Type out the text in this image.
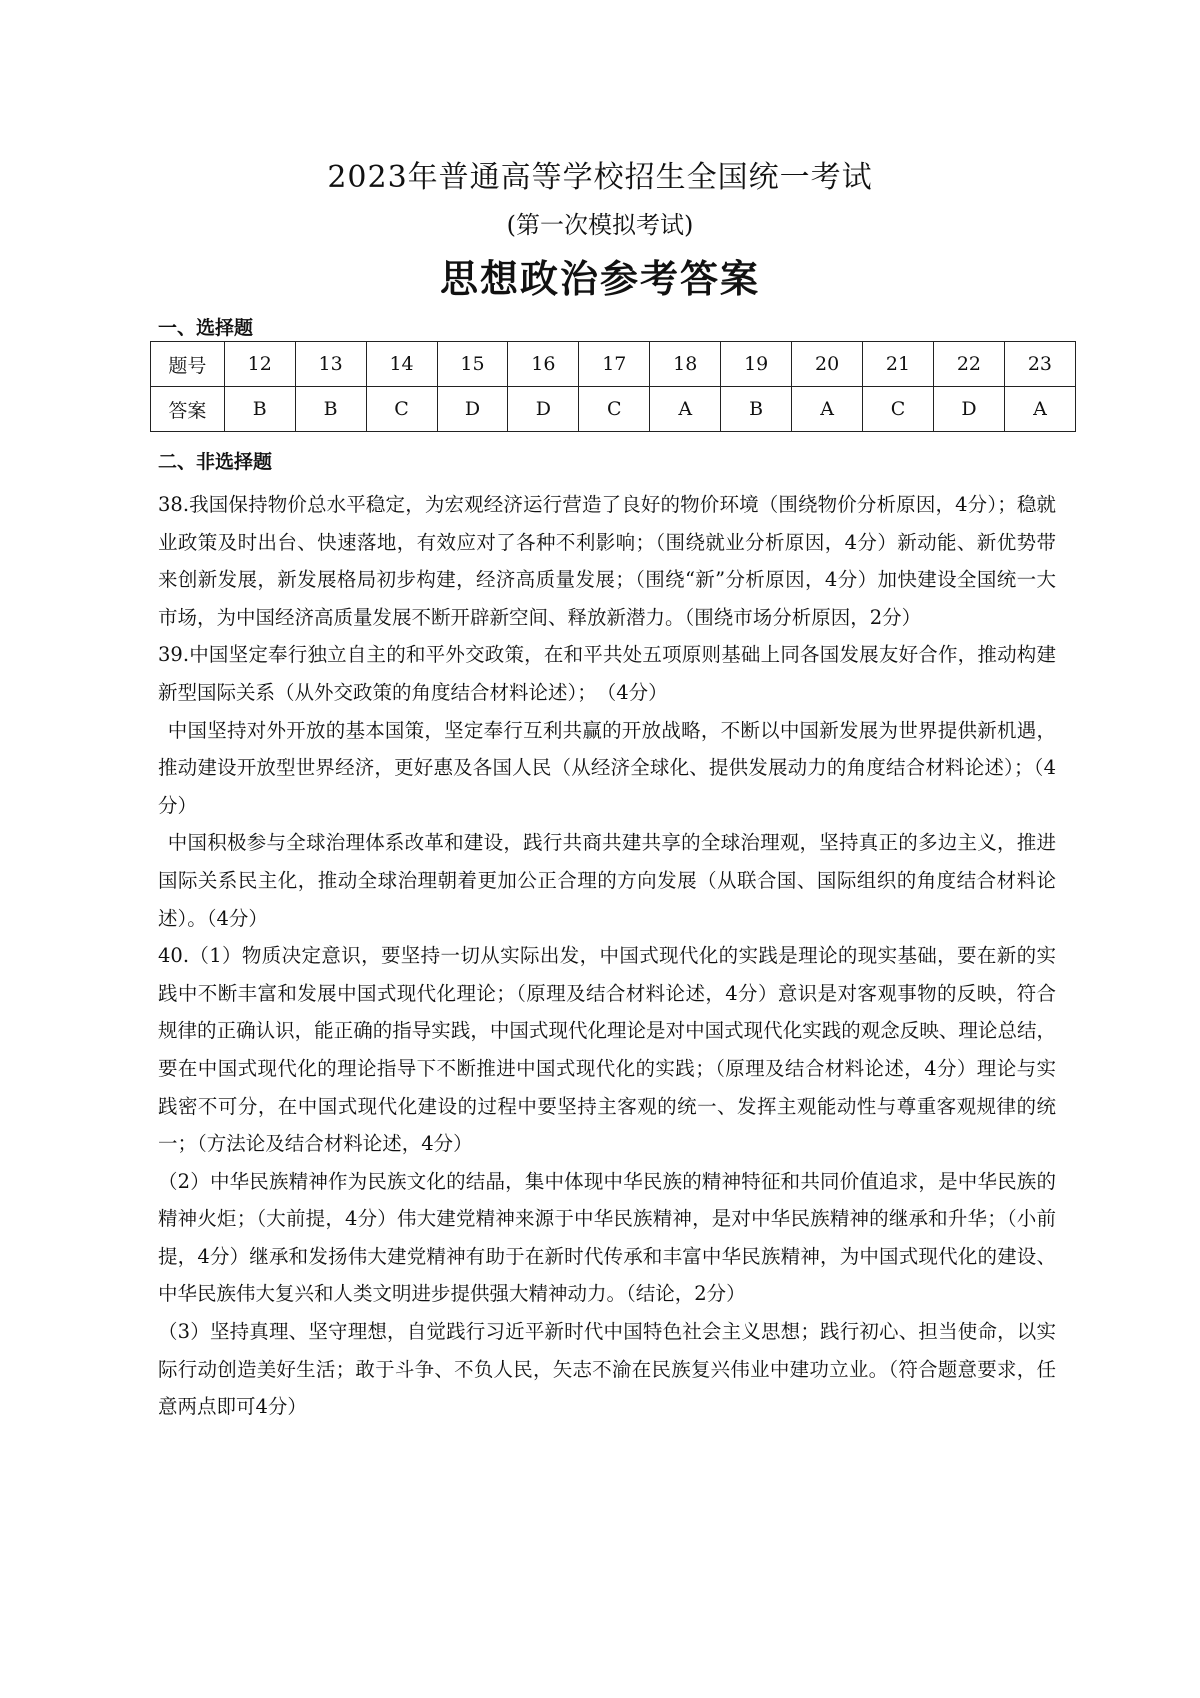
2023年普通高等学校招生全国统一考试
(第一次模拟考试)
思想政治参考答案
一、选择题
题号	12	13	14	15	16	17	18	19	20	21	22	23
答案	B	B	C	D	D	C	A	B	A	C	D	A
二、非选择题

38.我国保持物价总水平稳定，为宏观经济运行营造了良好的物价环境（围绕物价分析原因，4分）；稳就业政策及时出台、快速落地，有效应对了各种不利影响；（围绕就业分析原因，4分）新动能、新优势带来创新发展，新发展格局初步构建，经济高质量发展；（围绕“新”分析原因，4分）加快建设全国统一大市场，为中国经济高质量发展不断开辟新空间、释放新潜力。（围绕市场分析原因，2分）

39.中国坚定奉行独立自主的和平外交政策，在和平共处五项原则基础上同各国发展友好合作，推动构建新型国际关系（从外交政策的角度结合材料论述）；　（4分）

中国坚持对外开放的基本国策，坚定奉行互利共赢的开放战略，不断以中国新发展为世界提供新机遇，推动建设开放型世界经济，更好惠及各国人民（从经济全球化、提供发展动力的角度结合材料论述）；（4分）

中国积极参与全球治理体系改革和建设，践行共商共建共享的全球治理观，坚持真正的多边主义，推进国际关系民主化，推动全球治理朝着更加公正合理的方向发展（从联合国、国际组织的角度结合材料论述）。（4分）

40.（1）物质决定意识，要坚持一切从实际出发，中国式现代化的实践是理论的现实基础，要在新的实践中不断丰富和发展中国式现代化理论；（原理及结合材料论述，4分）意识是对客观事物的反映，符合规律的正确认识，能正确的指导实践，中国式现代化理论是对中国式现代化实践的观念反映、理论总结，要在中国式现代化的理论指导下不断推进中国式现代化的实践；（原理及结合材料论述，4分）理论与实践密不可分，在中国式现代化建设的过程中要坚持主客观的统一、发挥主观能动性与尊重客观规律的统一；（方法论及结合材料论述，4分）

（2）中华民族精神作为民族文化的结晶，集中体现中华民族的精神特征和共同价值追求，是中华民族的精神火炬；（大前提，4分）伟大建党精神来源于中华民族精神，是对中华民族精神的继承和升华；（小前提，4分）继承和发扬伟大建党精神有助于在新时代传承和丰富中华民族精神，为中国式现代化的建设、中华民族伟大复兴和人类文明进步提供强大精神动力。（结论，2分）

（3）坚持真理、坚守理想，自觉践行习近平新时代中国特色社会主义思想；践行初心、担当使命，以实际行动创造美好生活；敢于斗争、不负人民，矢志不渝在民族复兴伟业中建功立业。（符合题意要求，任意两点即可4分）
